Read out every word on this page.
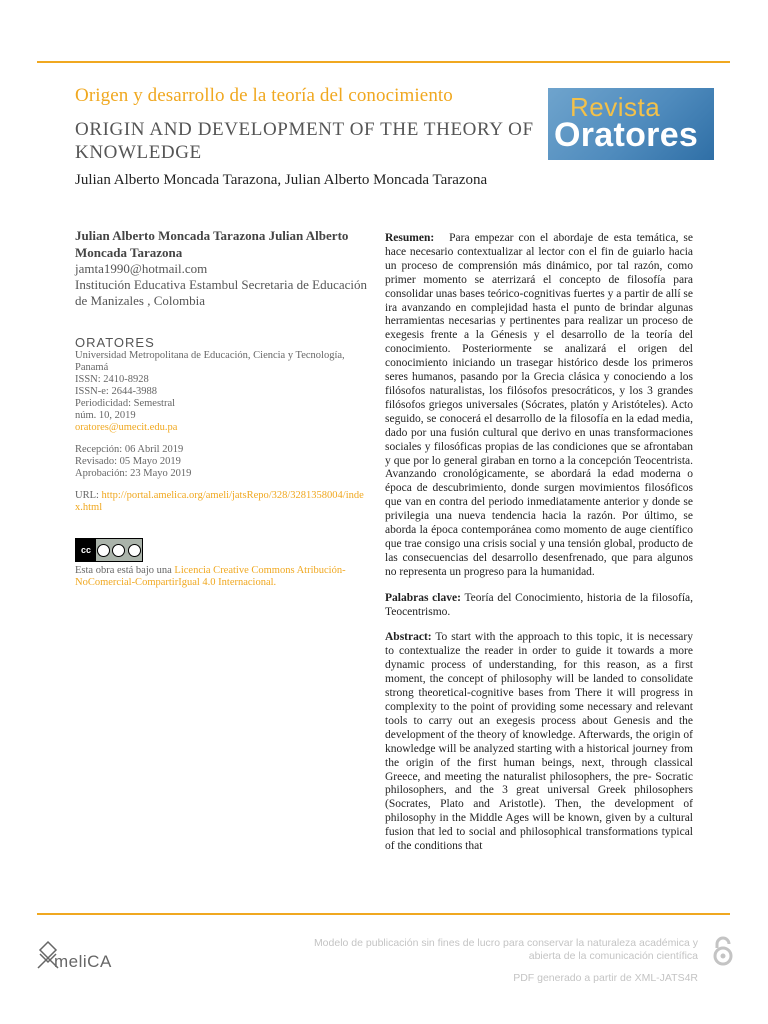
Origen y desarrollo de la teoría del conocimiento
ORIGIN AND DEVELOPMENT OF THE THEORY OF KNOWLEDGE
Revista
Oratores

Julian Alberto Moncada Tarazona, Julian Alberto Moncada Tarazona

Julian Alberto Moncada Tarazona Julian Alberto Moncada Tarazona

jamta1990@hotmail.com

Institución Educativa Estambul Secretaria de Educación de Manizales , Colombia

ORATORES

Universidad Metropolitana de Educación, Ciencia y Tecnología, Panamá

ISSN: 2410-8928

ISSN-e: 2644-3988

Periodicidad: Semestral

núm. 10, 2019

oratores@umecit.edu.pa

Recepción: 06 Abril 2019

Revisado: 05 Mayo 2019

Aprobación: 23 Mayo 2019

URL: http://portal.amelica.org/ameli/jatsRepo/328/3281358004/index.html

cc

Esta obra está bajo una Licencia Creative Commons Atribución-NoComercial-CompartirIgual 4.0 Internacional.

Resumen: Para empezar con el abordaje de esta temática, se hace necesario contextualizar al lector con el fin de guiarlo hacia un proceso de comprensión más dinámico, por tal razón, como primer momento se aterrizará el concepto de filosofía para consolidar unas bases teórico-cognitivas fuertes y a partir de allí se ira avanzando en complejidad hasta el punto de brindar algunas herramientas necesarias y pertinentes para realizar un proceso de exegesis frente a la Génesis y el desarrollo de la teoría del conocimiento. Posteriormente se analizará el origen del conocimiento iniciando un trasegar histórico desde los primeros seres humanos, pasando por la Grecia clásica y conociendo a los filósofos naturalistas, los filósofos presocráticos, y los 3 grandes filósofos griegos universales (Sócrates, platón y Aristóteles). Acto seguido, se conocerá el desarrollo de la filosofía en la edad media, dado por una fusión cultural que derivo en unas transformaciones sociales y filosóficas propias de las condiciones que se afrontaban y que por lo general giraban en torno a la concepción Teocentrista. Avanzando cronológicamente, se abordará la edad moderna o época de descubrimiento, donde surgen movimientos filosóficos que van en contra del periodo inmediatamente anterior y donde se privilegia una nueva tendencia hacia la razón. Por último, se aborda la época contemporánea como momento de auge científico que trae consigo una crisis social y una tensión global, producto de las consecuencias del desarrollo desenfrenado, que para algunos no representa un progreso para la humanidad.

Palabras clave: Teoría del Conocimiento, historia de la filosofía, Teocentrismo.

Abstract: To start with the approach to this topic, it is necessary to contextualize the reader in order to guide it towards a more dynamic process of understanding, for this reason, as a first moment, the concept of philosophy will be landed to consolidate strong theoretical-cognitive bases from There it will progress in complexity to the point of providing some necessary and relevant tools to carry out an exegesis process about Genesis and the development of the theory of knowledge. Afterwards, the origin of knowledge will be analyzed starting with a historical journey from the origin of the first human beings, next, through classical Greece, and meeting the naturalist philosophers, the pre- Socratic philosophers, and the 3 great universal Greek philosophers (Socrates, Plato and Aristotle). Then, the development of philosophy in the Middle Ages will be known, given by a cultural fusion that led to social and philosophical transformations typical of the conditions that

meliCA

Modelo de publicación sin fines de lucro para conservar la naturaleza académica y abierta de la comunicación científica

PDF generado a partir de XML-JATS4R
